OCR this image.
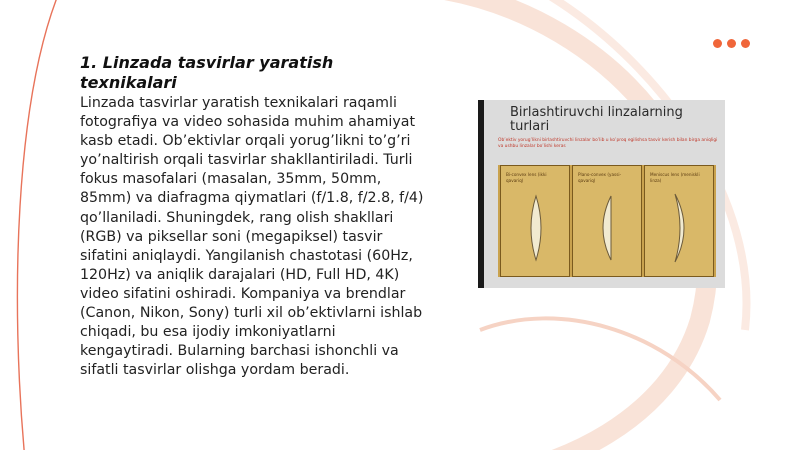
1. Linzada tasvirlar yaratish texnikalari

Linzada tasvirlar yaratish texnikalari raqamli fotografiya va video sohasida muhim ahamiyat kasb etadi. Ob’ektivlar orqali yorug’likni to’g’ri yo’naltirish orqali tasvirlar shakllantiriladi. Turli fokus masofalari (masalan, 35mm, 50mm, 85mm) va diafragma qiymatlari (f/1.8, f/2.8, f/4) qo’llaniladi. Shuningdek, rang olish shakllari (RGB) va piksellar soni (megapiksel) tasvir sifatini aniqlaydi. Yangilanish chastotasi (60Hz, 120Hz) va aniqlik darajalari (HD, Full HD, 4K) video sifatini oshiradi. Kompaniya va brendlar (Canon, Nikon, Sony) turli xil ob’ektivlarni ishlab chiqadi, bu esa ijodiy imkoniyatlarni kengaytiradi. Bularning barchasi ishonchli va sifatli tasvirlar olishga yordam beradi.

Birlashtiruvchi linzalarning turlari
Ob’ektiv yorug’likni birlashtiruvchi linzalar bo’lib u ko’proq egilishsa tasvir kerish bilan birga aniqligi va ushbu linzalar bo’lishi keras
Bi-convex lens (ikki qavariq)
Plano-convex (yassi-qavariq)
Meniscus lens (meniskli linza)
